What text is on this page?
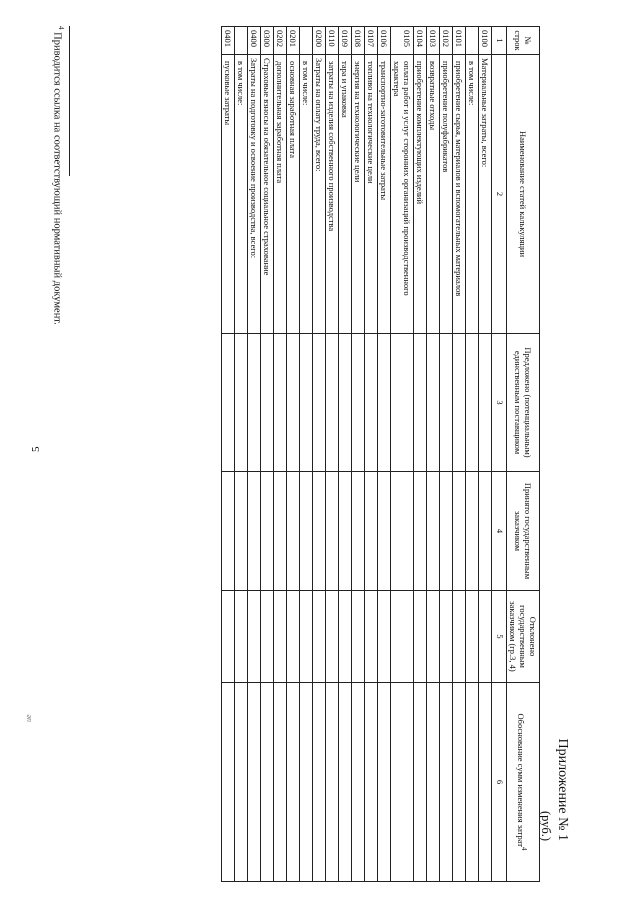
5
ue
Приложение № 1
(руб.)
№ строк	Наименование статей калькуляции	Предложено (потенциальным) единственным поставщиком	Принято государственным заказчиком	Отклонено государственным заказчиком (гр.3, 4)	Обоснование сумм изменения затрат$^4$
1	2	3	4	5	6
0100	Материальные затраты, всего:				
	в том числе:				
0101	приобретение сырья, материалов и вспомогательных материалов				
0102	приобретение полуфабрикатов				
0103	возвратные отходы				
0104	приобретение комплектующих изделий				
0105	оплата работ и услуг сторонних организаций производственного характера				
0106	транспортно-заготовительные затраты				
0107	топливо на технологические цели				
0108	энергия на технологические цели				
0109	тара и упаковка				
0110	затраты на изделия собственного производства				
0200	Затраты на оплату труда, всего:				
	в том числе:				
0201	основная заработная плата				
0202	дополнительная заработная плата				
0300	Страховые взносы на обязательное социальное страхование				
0400	Затраты на подготовку и освоение производства, всего:				
	в том числе:				
0401	пусковые затраты				
$^4$ Приводится ссылка на соответствующий нормативный документ.
